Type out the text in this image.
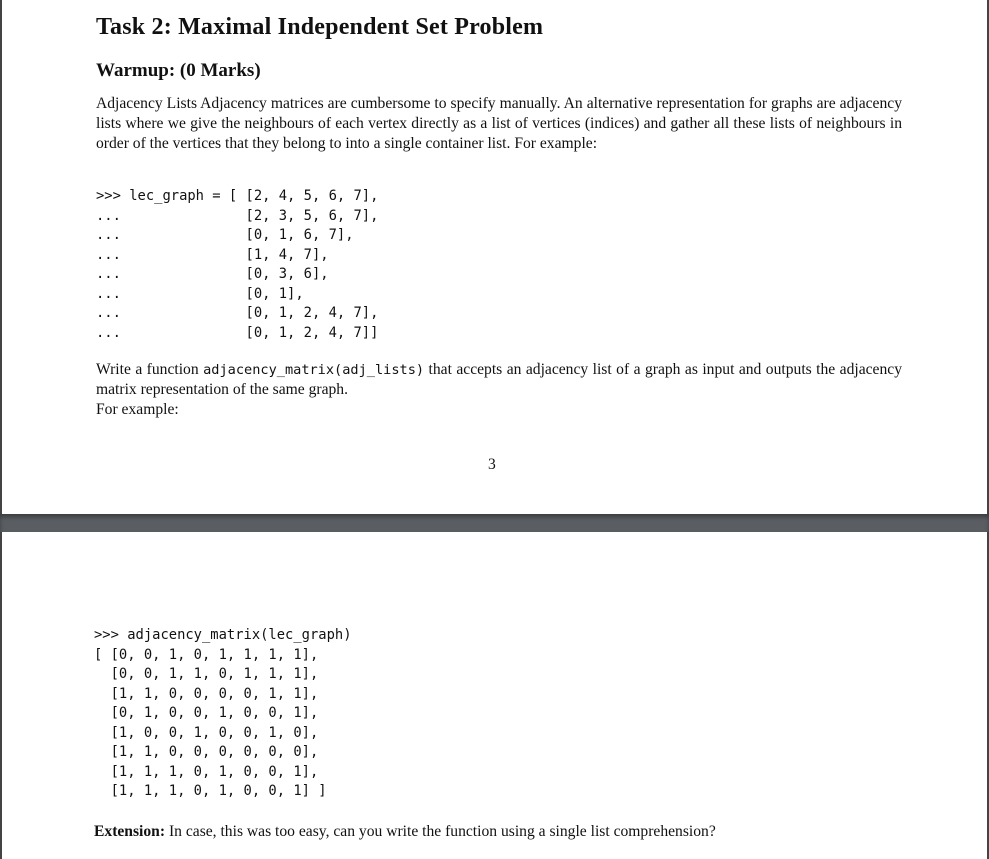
Task 2: Maximal Independent Set Problem
Warmup: (0 Marks)

Adjacency Lists Adjacency matrices are cumbersome to specify manually. An alternative representation for graphs are adjacency lists where we give the neighbours of each vertex directly as a list of vertices (indices) and gather all these lists of neighbours in order of the vertices that they belong to into a single container list. For example:

>>> lec_graph = [ [2, 4, 5, 6, 7],
...               [2, 3, 5, 6, 7],
...               [0, 1, 6, 7],
...               [1, 4, 7],
...               [0, 3, 6],
...               [0, 1],
...               [0, 1, 2, 4, 7],
...               [0, 1, 2, 4, 7]]

Write a function adjacency_matrix(adj_lists) that accepts an adjacency list of a graph as input and outputs the adjacency matrix representation of the same graph.
For example:

3

>>> adjacency_matrix(lec_graph)
[ [0, 0, 1, 0, 1, 1, 1, 1],
[0, 0, 1, 1, 0, 1, 1, 1],
[1, 1, 0, 0, 0, 0, 1, 1],
[0, 1, 0, 0, 1, 0, 0, 1],
[1, 0, 0, 1, 0, 0, 1, 0],
[1, 1, 0, 0, 0, 0, 0, 0],
[1, 1, 1, 0, 1, 0, 0, 1],
[1, 1, 1, 0, 1, 0, 0, 1] ]

Extension: In case, this was too easy, can you write the function using a single list comprehension?
